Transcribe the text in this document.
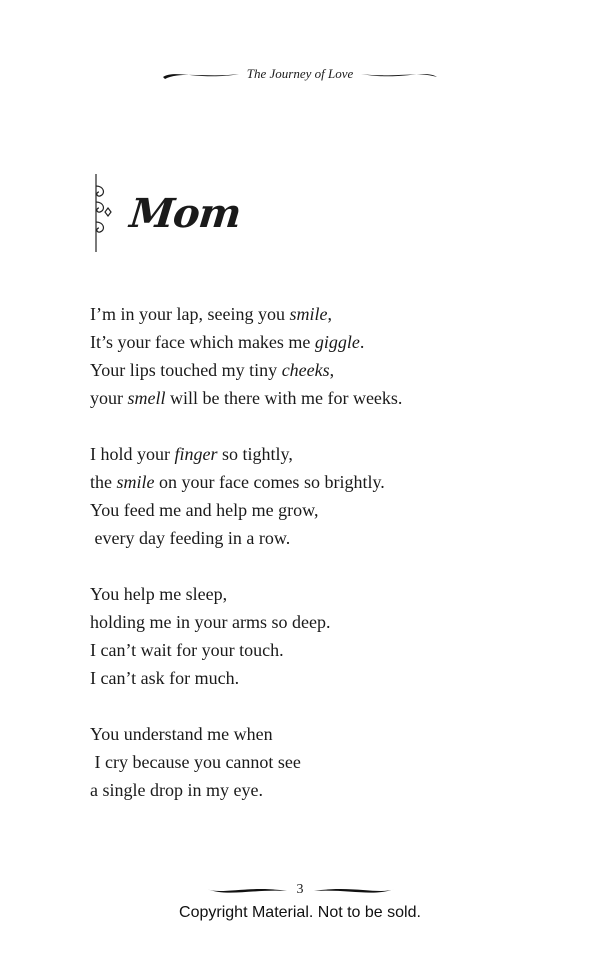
The Journey of Love
Mom
I’m in your lap, seeing you smile,
It’s your face which makes me giggle.
Your lips touched my tiny cheeks,
your smell will be there with me for weeks.
I hold your finger so tightly,
the smile on your face comes so brightly.
You feed me and help me grow,
every day feeding in a row.
You help me sleep,
holding me in your arms so deep.
I can’t wait for your touch.
I can’t ask for much.
You understand me when
I cry because you cannot see
a single drop in my eye.
3
Copyright Material. Not to be sold.
